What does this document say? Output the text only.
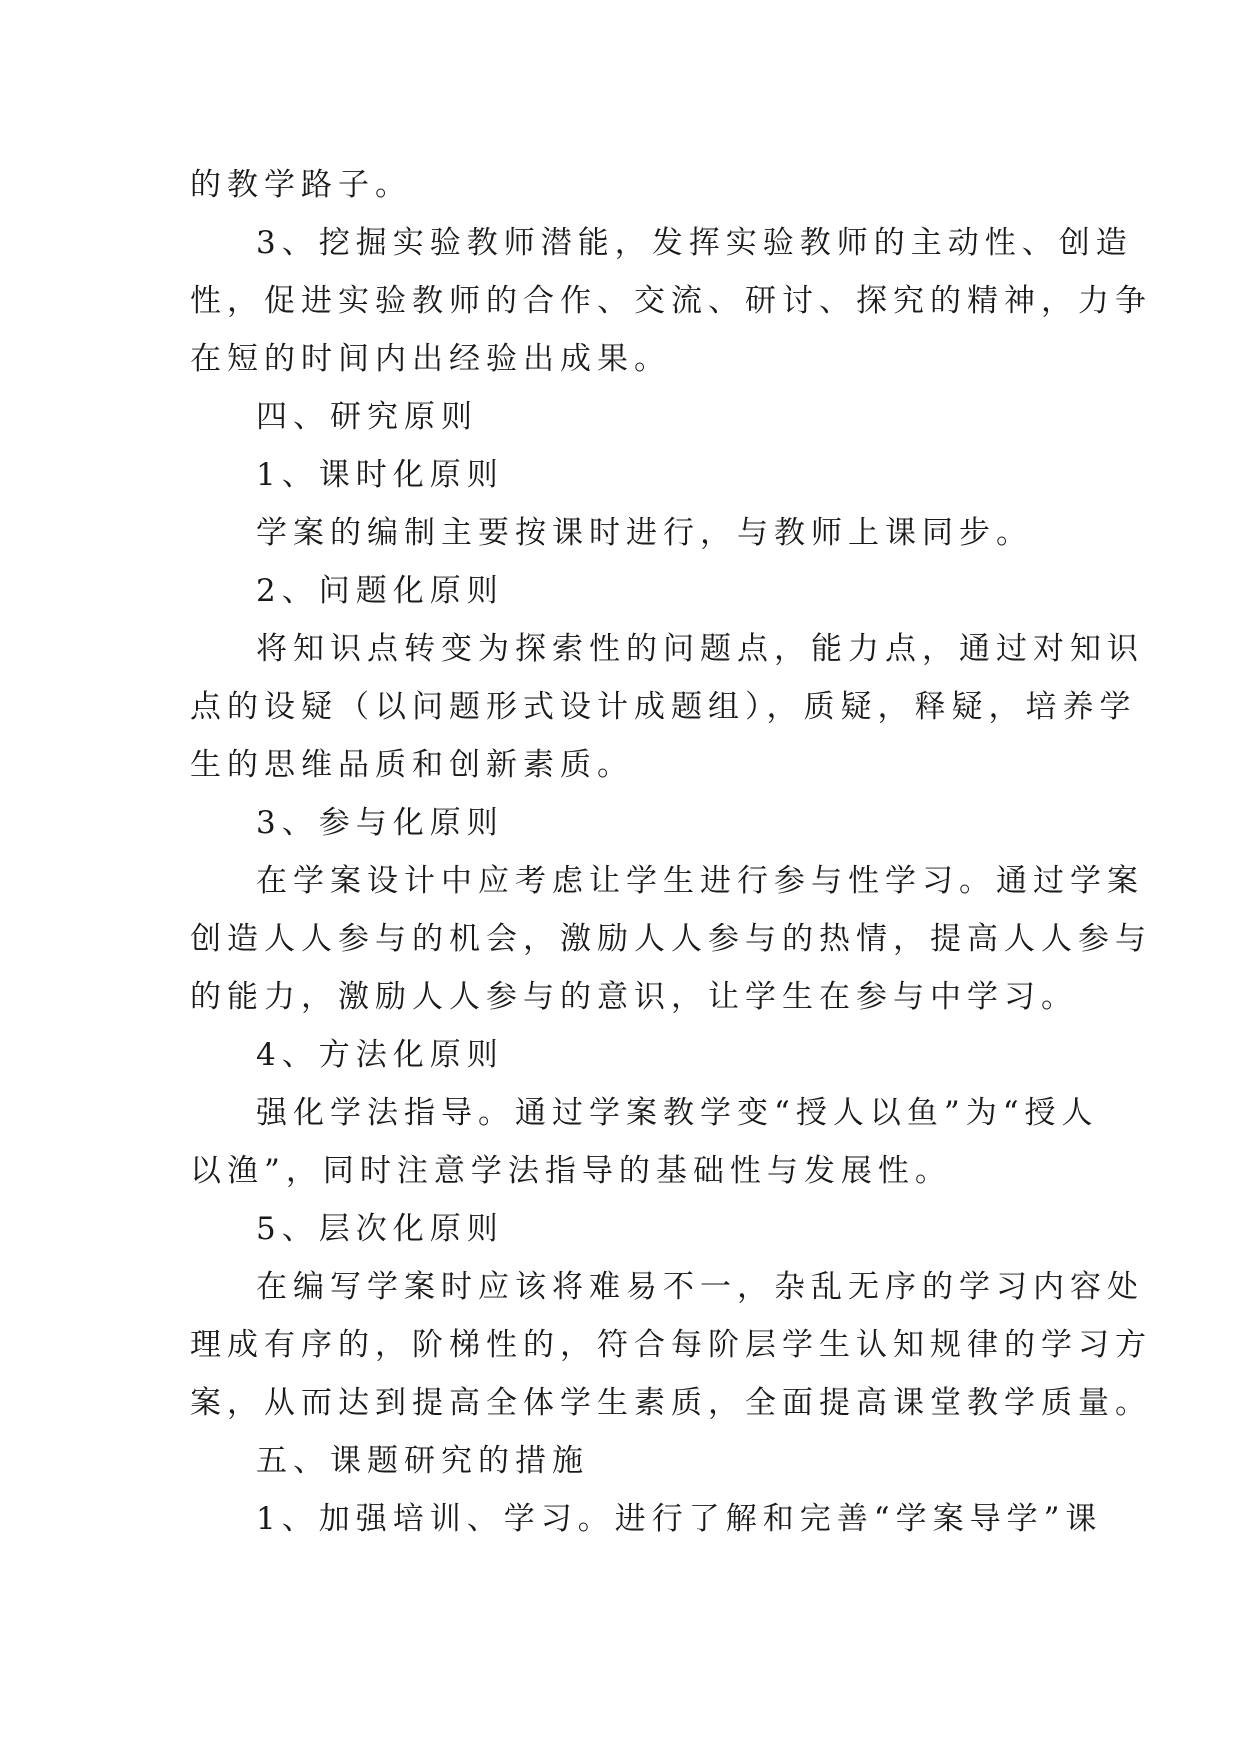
的教学路子。
3、挖掘实验教师潜能，发挥实验教师的主动性、创造
性，促进实验教师的合作、交流、研讨、探究的精神，力争
在短的时间内出经验出成果。
四、研究原则
1、课时化原则
学案的编制主要按课时进行，与教师上课同步。
2、问题化原则
将知识点转变为探索性的问题点，能力点，通过对知识
点的设疑（以问题形式设计成题组），质疑，释疑，培养学
生的思维品质和创新素质。
3、参与化原则
在学案设计中应考虑让学生进行参与性学习。通过学案
创造人人参与的机会，激励人人参与的热情，提高人人参与
的能力，激励人人参与的意识，让学生在参与中学习。
4、方法化原则
强化学法指导。通过学案教学变“授人以鱼”为“授人
以渔”，同时注意学法指导的基础性与发展性。
5、层次化原则
在编写学案时应该将难易不一，杂乱无序的学习内容处
理成有序的，阶梯性的，符合每阶层学生认知规律的学习方
案，从而达到提高全体学生素质，全面提高课堂教学质量。
五、课题研究的措施
1、加强培训、学习。进行了解和完善“学案导学”课
